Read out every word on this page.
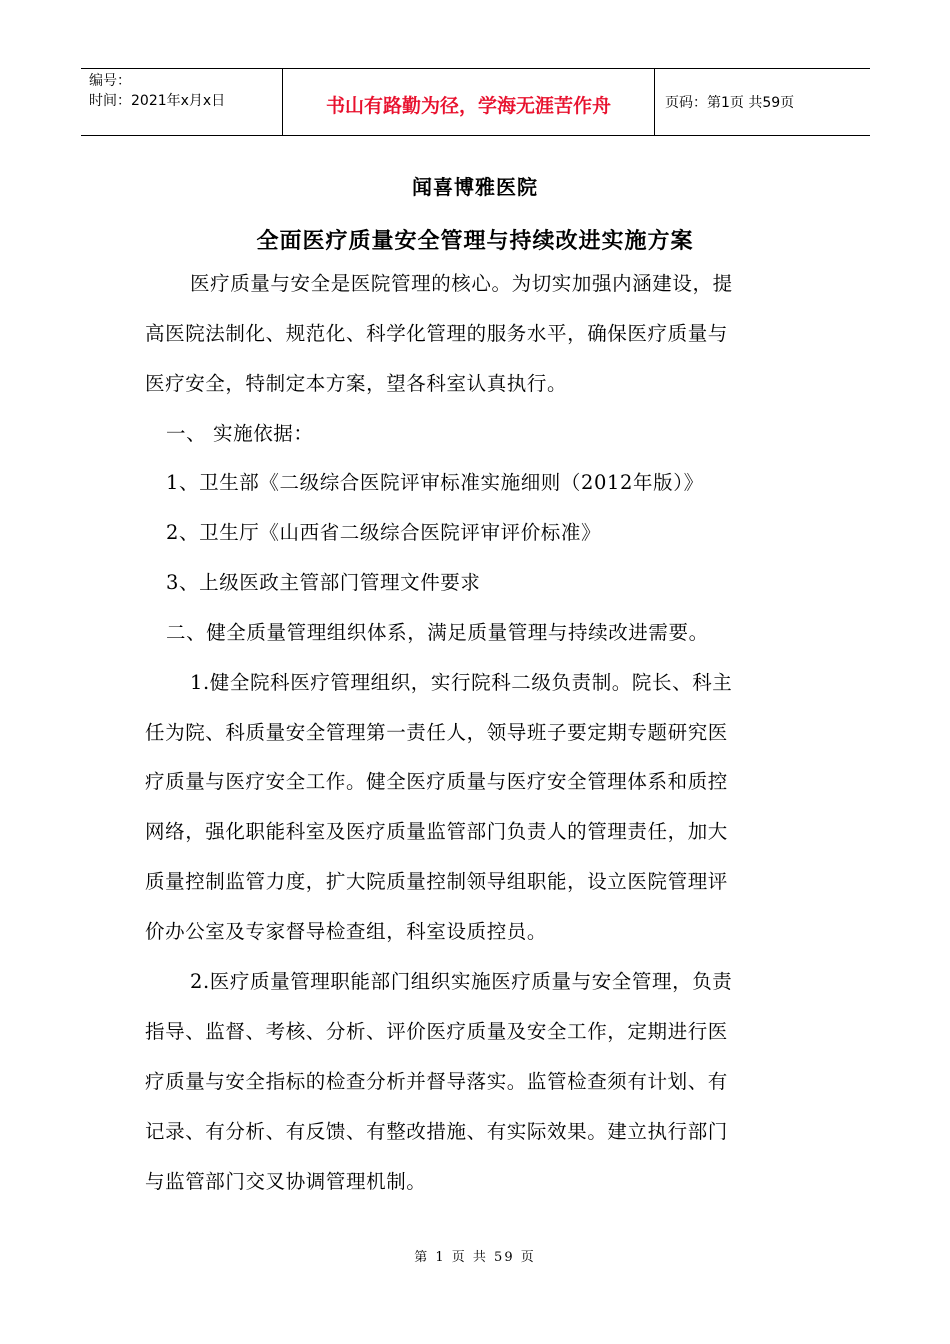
编号：
时间：2021年x月x日	书山有路勤为径，学海无涯苦作舟	页码：第1页 共59页
闻喜博雅医院
全面医疗质量安全管理与持续改进实施方案
医疗质量与安全是医院管理的核心。为切实加强内涵建设，提
高医院法制化、规范化、科学化管理的服务水平，确保医疗质量与
医疗安全，特制定本方案，望各科室认真执行。
一、 实施依据：
1、卫生部《二级综合医院评审标准实施细则（2012年版）》
2、卫生厅《山西省二级综合医院评审评价标准》
3、上级医政主管部门管理文件要求
二、健全质量管理组织体系，满足质量管理与持续改进需要。
1.健全院科医疗管理组织，实行院科二级负责制。院长、科主
任为院、科质量安全管理第一责任人，领导班子要定期专题研究医
疗质量与医疗安全工作。健全医疗质量与医疗安全管理体系和质控
网络，强化职能科室及医疗质量监管部门负责人的管理责任，加大
质量控制监管力度，扩大院质量控制领导组职能，设立医院管理评
价办公室及专家督导检查组，科室设质控员。
2.医疗质量管理职能部门组织实施医疗质量与安全管理，负责
指导、监督、考核、分析、评价医疗质量及安全工作，定期进行医
疗质量与安全指标的检查分析并督导落实。监管检查须有计划、有
记录、有分析、有反馈、有整改措施、有实际效果。建立执行部门
与监管部门交叉协调管理机制。
第 1 页 共 59 页
